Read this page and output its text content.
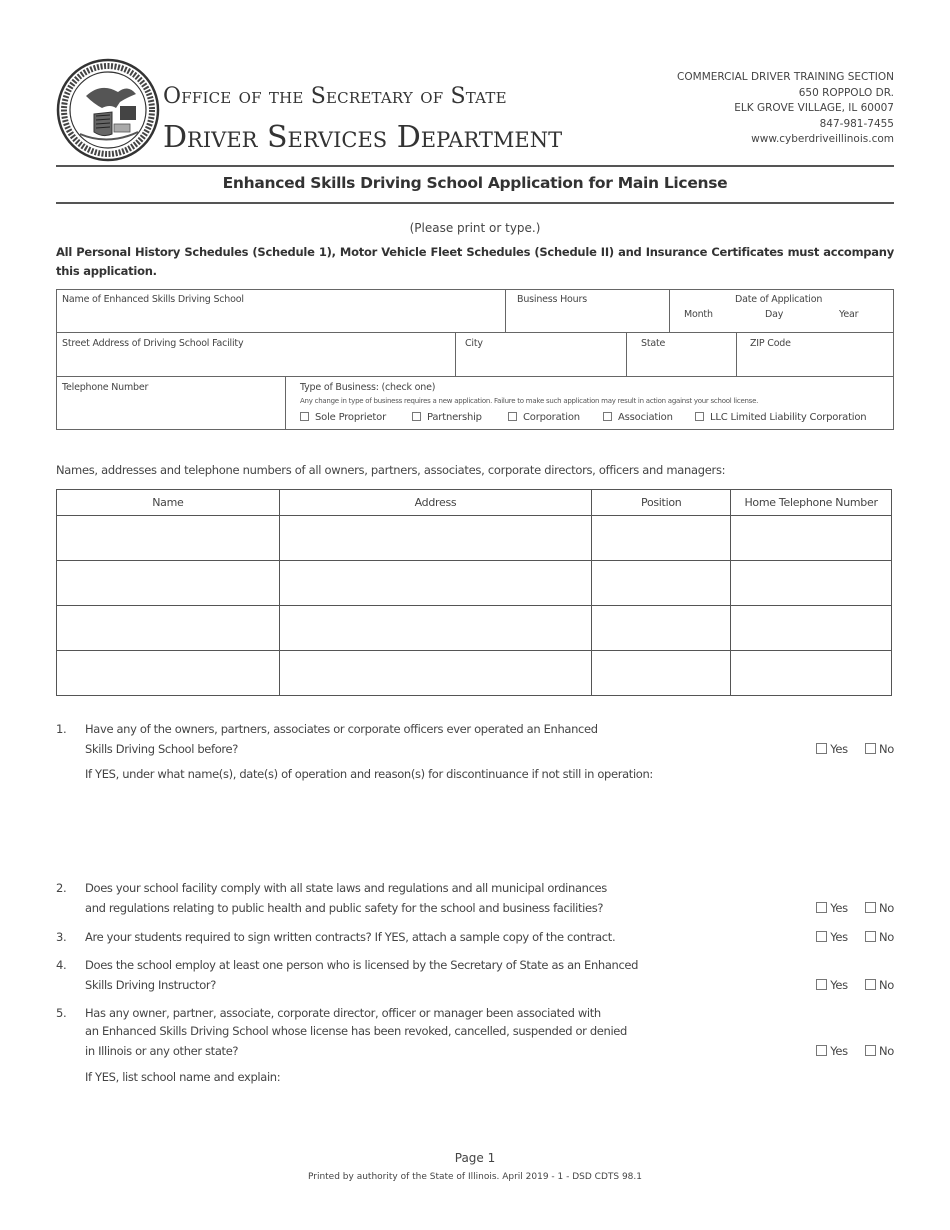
Office of the Secretary of State
Driver Services Department
COMMERCIAL DRIVER TRAINING SECTION
650 ROPPOLO DR.
ELK GROVE VILLAGE, IL 60007
847-981-7455
www.cyberdriveillinois.com
Enhanced Skills Driving School Application for Main License
(Please print or type.)
All Personal History Schedules (Schedule 1), Motor Vehicle Fleet Schedules (Schedule II) and Insurance Certificates must accompany this application.
Name of Enhanced Skills Driving School	Business Hours	Date of Application
Month	Day	Year
Street Address of Driving School Facility	City	State	ZIP Code
Telephone Number	Type of Business: (check one)
Any change in type of business requires a new application. Failure to make such application may result in action against your school license.
Sole Proprietor	Partnership	Corporation	Association	LLC Limited Liability Corporation
Names, addresses and telephone numbers of all owners, partners, associates, corporate directors, officers and managers:
Name	Address	Position	Home Telephone Number

1. Have any of the owners, partners, associates or corporate officers ever operated an Enhanced
Skills Driving School before?	Yes	No
If YES, under what name(s), date(s) of operation and reason(s) for discontinuance if not still in operation:
2. Does your school facility comply with all state laws and regulations and all municipal ordinances
and regulations relating to public health and public safety for the school and business facilities?	Yes	No
3. Are your students required to sign written contracts? If YES, attach a sample copy of the contract.	Yes	No
4. Does the school employ at least one person who is licensed by the Secretary of State as an Enhanced
Skills Driving Instructor?	Yes	No
5. Has any owner, partner, associate, corporate director, officer or manager been associated with
an Enhanced Skills Driving School whose license has been revoked, cancelled, suspended or denied
in Illinois or any other state?	Yes	No
If YES, list school name and explain:
Page 1
Printed by authority of the State of Illinois. April 2019 - 1 - DSD CDTS 98.1
